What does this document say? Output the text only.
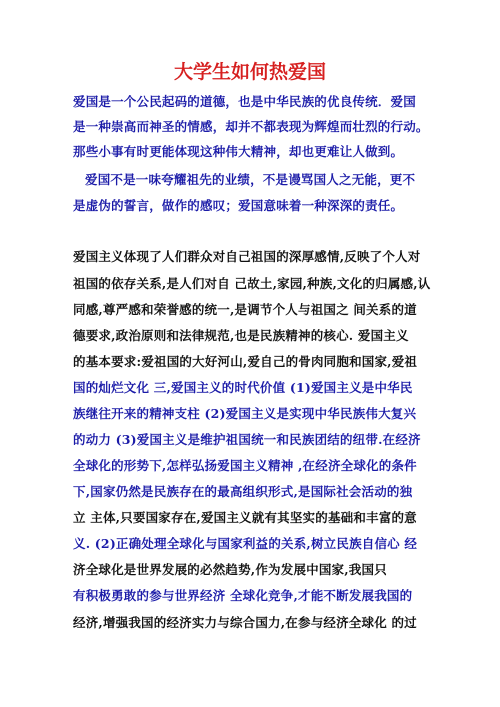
大学生如何热爱国
爱国是一个公民起码的道德，也是中华民族的优良传统．爱国
是一种崇高而神圣的情感，却并不都表现为辉煌而壮烈的行动。
那些小事有时更能体现这种伟大精神，却也更难让人做到。
爱国不是一味夸耀祖先的业绩，不是谩骂国人之无能，更不
是虚伪的誓言，做作的感叹；爱国意味着一种深深的责任。
爱国主义体现了人们群众对自己祖国的深厚感情,反映了个人对
祖国的依存关系,是人们对自 己故土,家园,种族,文化的归属感,认
同感,尊严感和荣誉感的统一,是调节个人与祖国之 间关系的道
德要求,政治原则和法律规范,也是民族精神的核心. 爱国主义
的基本要求:爱祖国的大好河山,爱自己的骨肉同胞和国家,爱祖
国的灿烂文化 三,爱国主义的时代价值 (1)爱国主义是中华民
族继往开来的精神支柱 (2)爱国主义是实现中华民族伟大复兴
的动力 (3)爱国主义是维护祖国统一和民族团结的纽带.在经济
全球化的形势下,怎样弘扬爱国主义精神 ,在经济全球化的条件
下,国家仍然是民族存在的最高组织形式,是国际社会活动的独
立 主体,只要国家存在,爱国主义就有其坚实的基础和丰富的意
义. (2)正确处理全球化与国家利益的关系,树立民族自信心 经
济全球化是世界发展的必然趋势,作为发展中国家,我国只
有积极勇敢的参与世界经济 全球化竞争,才能不断发展我国的
经济,增强我国的经济实力与综合国力,在参与经济全球化 的过
